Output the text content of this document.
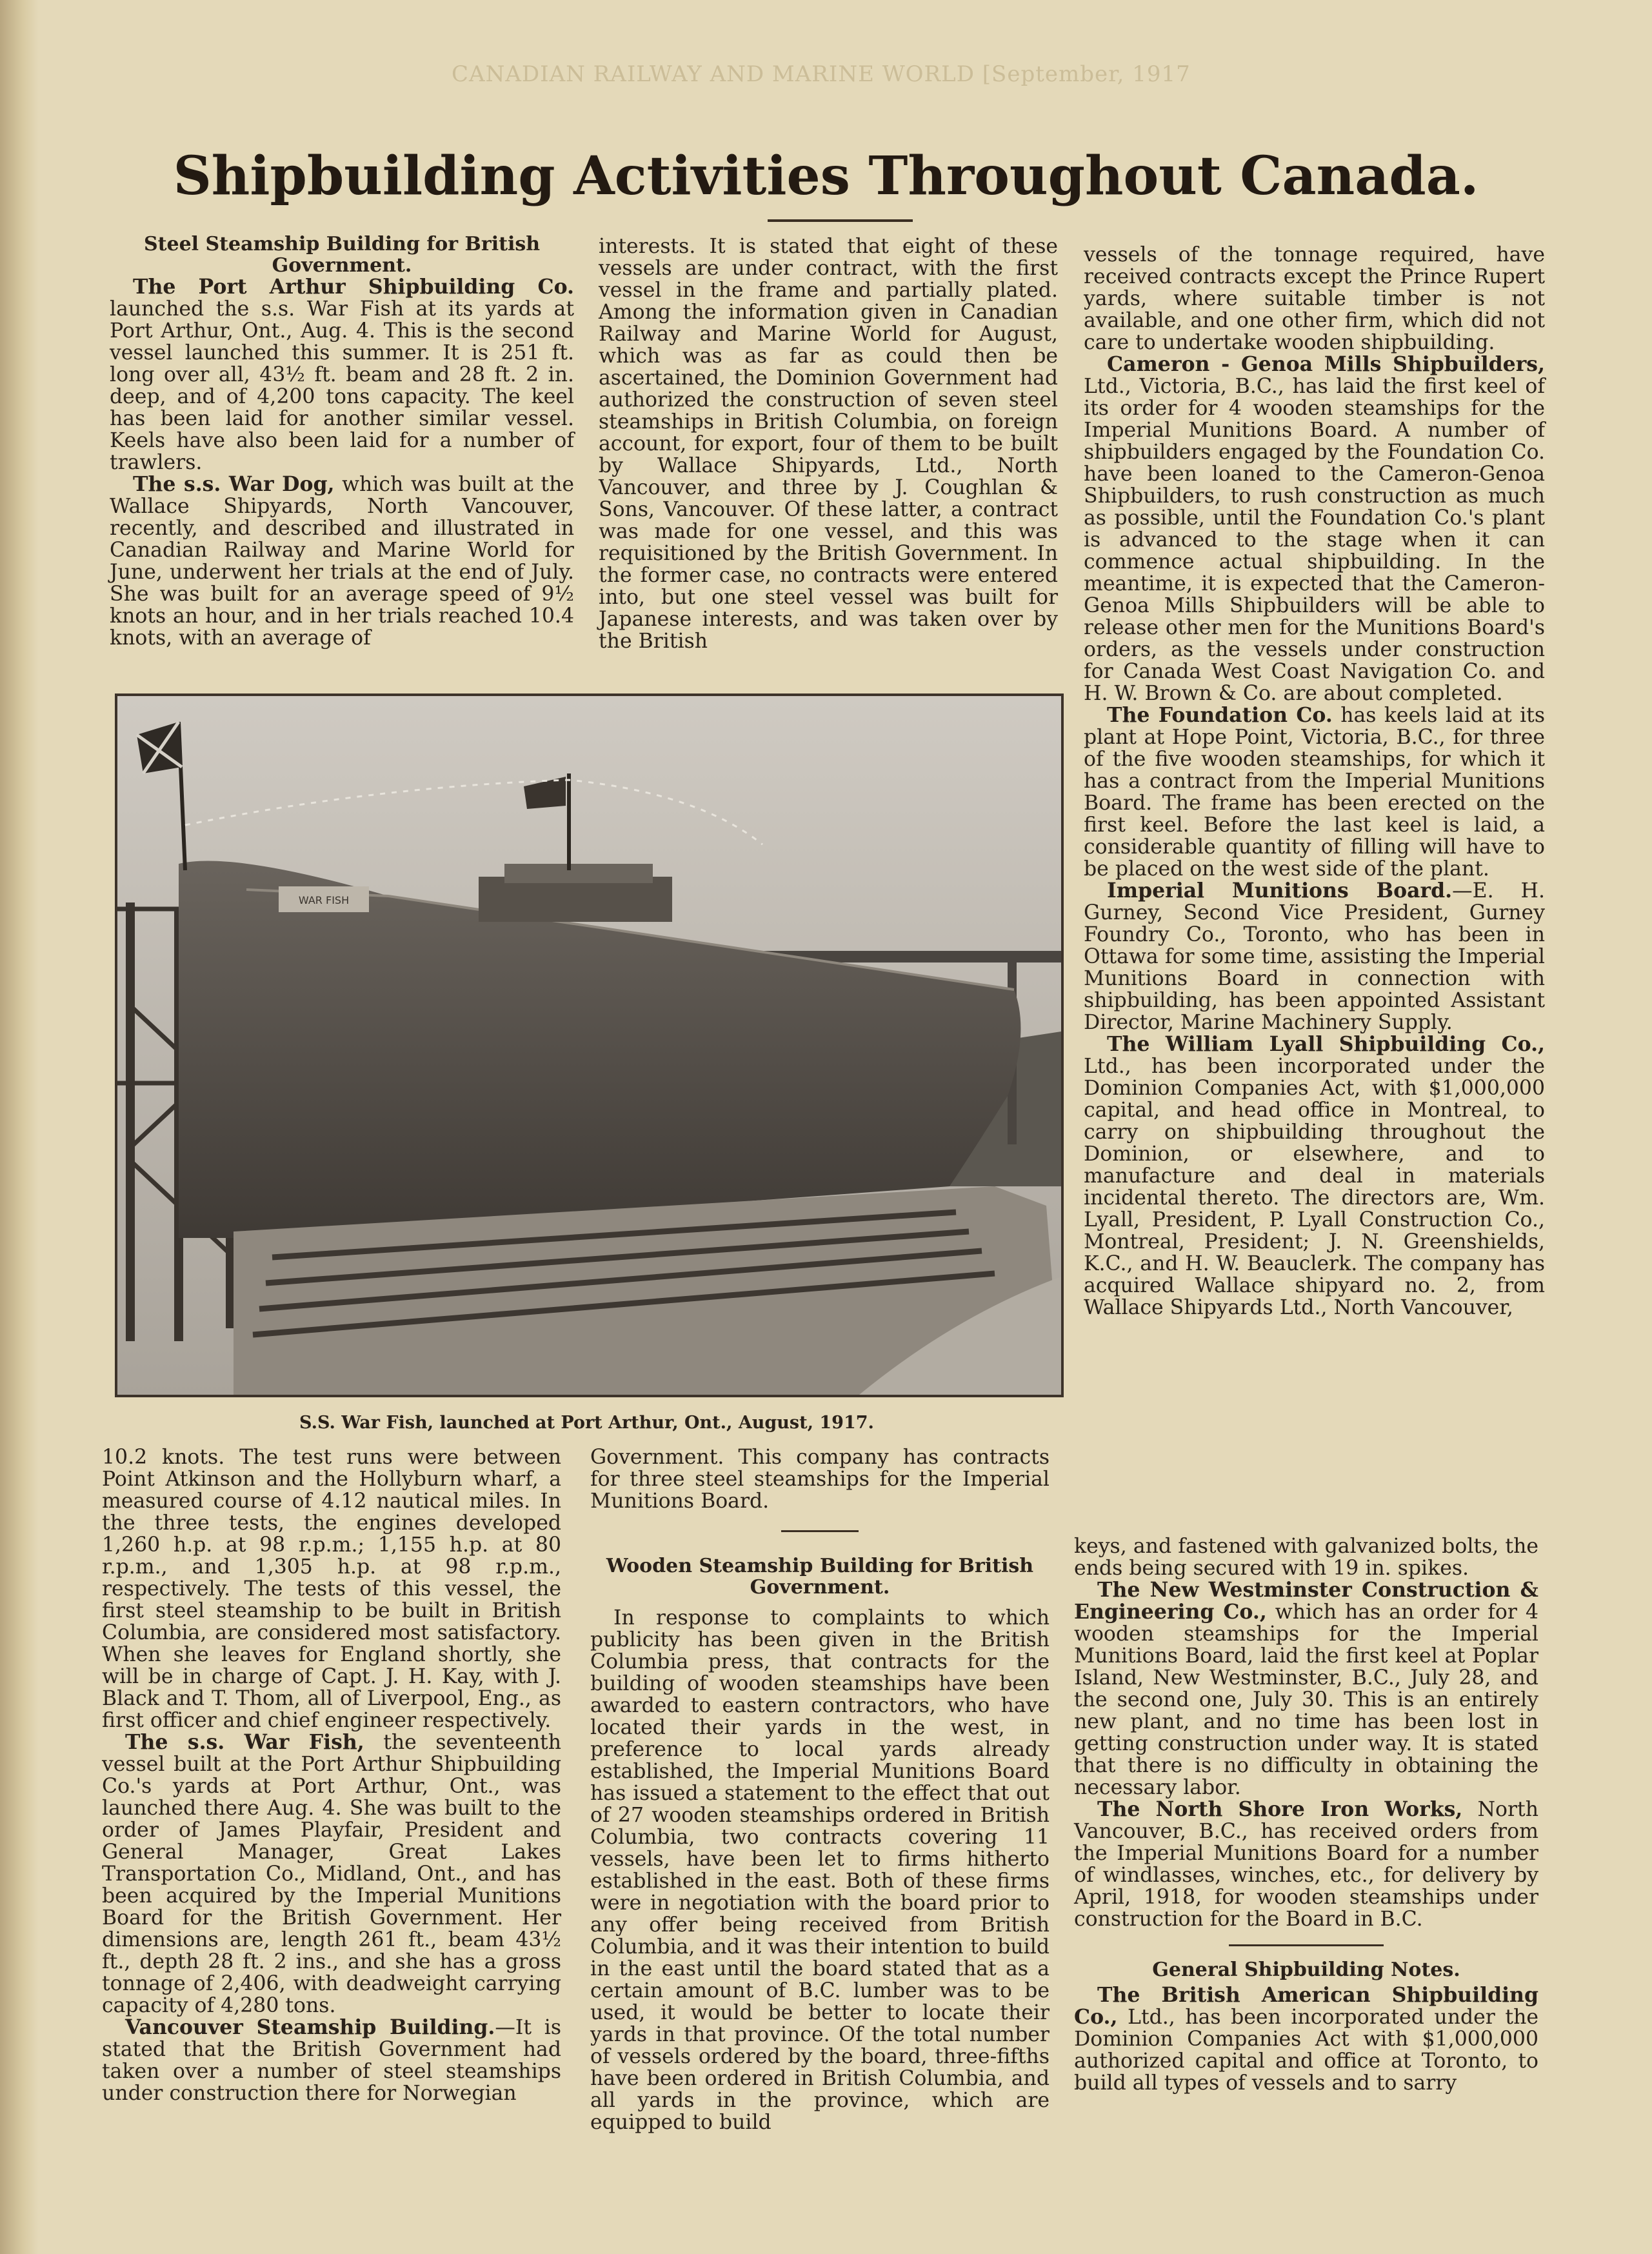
CANADIAN RAILWAY AND MARINE WORLD [September, 1917
Shipbuilding Activities Throughout Canada.

Steel Steamship Building for British Government.

The Port Arthur Shipbuilding Co. launched the s.s. War Fish at its yards at Port Arthur, Ont., Aug. 4. This is the second vessel launched this summer. It is 251 ft. long over all, 43½ ft. beam and 28 ft. 2 in. deep, and of 4,200 tons capacity. The keel has been laid for another similar vessel. Keels have also been laid for a number of trawlers.

The s.s. War Dog, which was built at the Wallace Shipyards, North Vancouver, recently, and described and illustrated in Canadian Railway and Marine World for June, underwent her trials at the end of July. She was built for an average speed of 9½ knots an hour, and in her trials reached 10.4 knots, with an average of

interests. It is stated that eight of these vessels are under contract, with the first vessel in the frame and partially plated. Among the information given in Canadian Railway and Marine World for August, which was as far as could then be ascertained, the Dominion Government had authorized the construction of seven steel steamships in British Columbia, on foreign account, for export, four of them to be built by Wallace Shipyards, Ltd., North Vancouver, and three by J. Coughlan & Sons, Vancouver. Of these latter, a contract was made for one vessel, and this was requisitioned by the British Government. In the former case, no contracts were entered into, but one steel vessel was built for Japanese interests, and was taken over by the British

vessels of the tonnage required, have received contracts except the Prince Rupert yards, where suitable timber is not available, and one other firm, which did not care to undertake wooden shipbuilding.

Cameron - Genoa Mills Shipbuilders, Ltd., Victoria, B.C., has laid the first keel of its order for 4 wooden steamships for the Imperial Munitions Board. A number of shipbuilders engaged by the Foundation Co. have been loaned to the Cameron-Genoa Shipbuilders, to rush construction as much as possible, until the Foundation Co.'s plant is advanced to the stage when it can commence actual shipbuilding. In the meantime, it is expected that the Cameron-Genoa Mills Shipbuilders will be able to release other men for the Munitions Board's orders, as the vessels under construction for Canada West Coast Navigation Co. and H. W. Brown & Co. are about completed.

The Foundation Co. has keels laid at its plant at Hope Point, Victoria, B.C., for three of the five wooden steamships, for which it has a contract from the Imperial Munitions Board. The frame has been erected on the first keel. Before the last keel is laid, a considerable quantity of filling will have to be placed on the west side of the plant.

Imperial Munitions Board.—E. H. Gurney, Second Vice President, Gurney Foundry Co., Toronto, who has been in Ottawa for some time, assisting the Imperial Munitions Board in connection with shipbuilding, has been appointed Assistant Director, Marine Machinery Supply.

The William Lyall Shipbuilding Co., Ltd., has been incorporated under the Dominion Companies Act, with $1,000,000 capital, and head office in Montreal, to carry on shipbuilding throughout the Dominion, or elsewhere, and to manufacture and deal in materials incidental thereto. The directors are, Wm. Lyall, President, P. Lyall Construction Co., Montreal, President; J. N. Greenshields, K.C., and H. W. Beauclerk. The company has acquired Wallace shipyard no. 2, from Wallace Shipyards Ltd., North Vancouver,

WAR FISH
S.S. War Fish, launched at Port Arthur, Ont., August, 1917.

10.2 knots. The test runs were between Point Atkinson and the Hollyburn wharf, a measured course of 4.12 nautical miles. In the three tests, the engines developed 1,260 h.p. at 98 r.p.m.; 1,155 h.p. at 80 r.p.m., and 1,305 h.p. at 98 r.p.m., respectively. The tests of this vessel, the first steel steamship to be built in British Columbia, are considered most satisfactory. When she leaves for England shortly, she will be in charge of Capt. J. H. Kay, with J. Black and T. Thom, all of Liverpool, Eng., as first officer and chief engineer respectively.

The s.s. War Fish, the seventeenth vessel built at the Port Arthur Shipbuilding Co.'s yards at Port Arthur, Ont., was launched there Aug. 4. She was built to the order of James Playfair, President and General Manager, Great Lakes Transportation Co., Midland, Ont., and has been acquired by the Imperial Munitions Board for the British Government. Her dimensions are, length 261 ft., beam 43½ ft., depth 28 ft. 2 ins., and she has a gross tonnage of 2,406, with deadweight carrying capacity of 4,280 tons.

Vancouver Steamship Building.—It is stated that the British Government had taken over a number of steel steamships under construction there for Norwegian

Government. This company has contracts for three steel steamships for the Imperial Munitions Board.

Wooden Steamship Building for British Government.

In response to complaints to which publicity has been given in the British Columbia press, that contracts for the building of wooden steamships have been awarded to eastern contractors, who have located their yards in the west, in preference to local yards already established, the Imperial Munitions Board has issued a statement to the effect that out of 27 wooden steamships ordered in British Columbia, two contracts covering 11 vessels, have been let to firms hitherto established in the east. Both of these firms were in negotiation with the board prior to any offer being received from British Columbia, and it was their intention to build in the east until the board stated that as a certain amount of B.C. lumber was to be used, it would be better to locate their yards in that province. Of the total number of vessels ordered by the board, three-fifths have been ordered in British Columbia, and all yards in the province, which are equipped to build

keys, and fastened with galvanized bolts, the ends being secured with 19 in. spikes.

The New Westminster Construction & Engineering Co., which has an order for 4 wooden steamships for the Imperial Munitions Board, laid the first keel at Poplar Island, New Westminster, B.C., July 28, and the second one, July 30. This is an entirely new plant, and no time has been lost in getting construction under way. It is stated that there is no difficulty in obtaining the necessary labor.

The North Shore Iron Works, North Vancouver, B.C., has received orders from the Imperial Munitions Board for a number of windlasses, winches, etc., for delivery by April, 1918, for wooden steamships under construction for the Board in B.C.

General Shipbuilding Notes.

The British American Shipbuilding Co., Ltd., has been incorporated under the Dominion Companies Act with $1,000,000 authorized capital and office at Toronto, to build all types of vessels and to sarry
